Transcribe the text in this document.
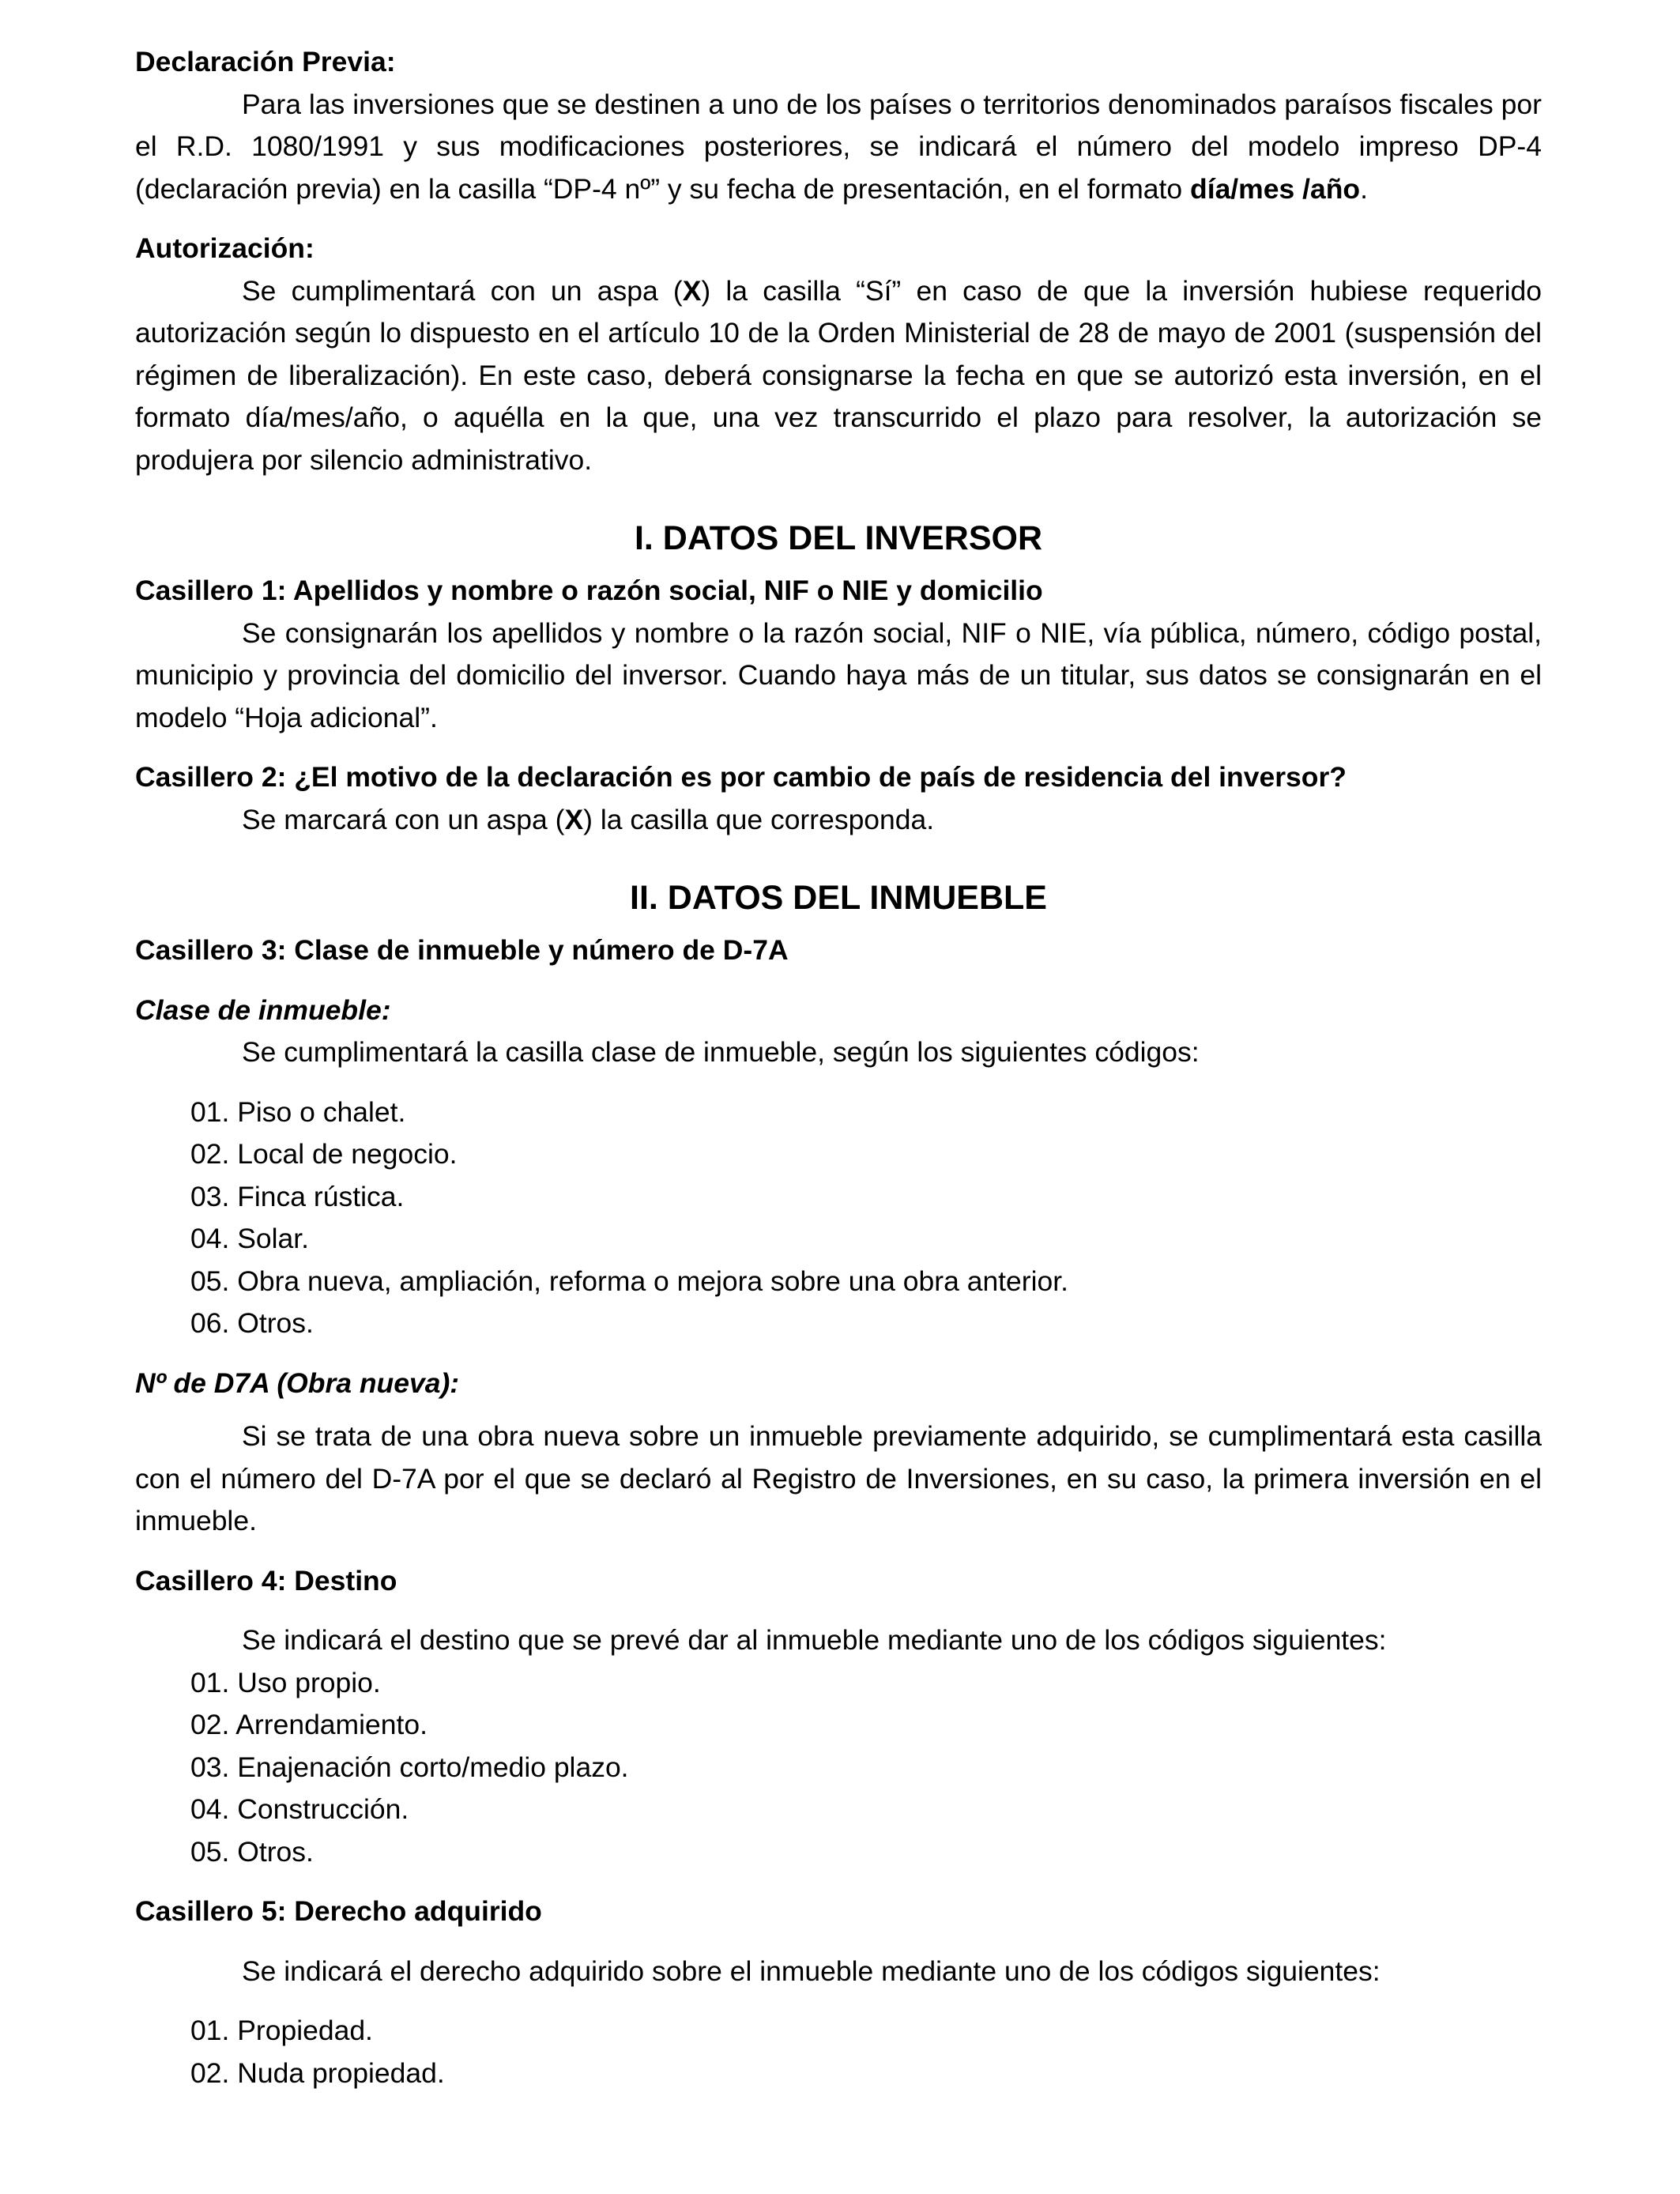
Declaración Previa:

Para las inversiones que se destinen a uno de los países o territorios denominados paraísos fiscales por el R.D. 1080/1991 y sus modificaciones posteriores, se indicará el número del modelo impreso DP-4 (declaración previa) en la casilla “DP-4 nº” y su fecha de presentación, en el formato día/mes /año.

Autorización:

Se cumplimentará con un aspa (X) la casilla “Sí” en caso de que la inversión hubiese requerido autorización según lo dispuesto en el artículo 10 de la Orden Ministerial de 28 de mayo de 2001 (suspensión del régimen de liberalización). En este caso, deberá consignarse la fecha en que se autorizó esta inversión, en el formato día/mes/año, o aquélla en la que, una vez transcurrido el plazo para resolver, la autorización se produjera por silencio administrativo.

I. DATOS DEL INVERSOR
Casillero 1: Apellidos y nombre o razón social, NIF o NIE y domicilio

Se consignarán los apellidos y nombre o la razón social, NIF o NIE, vía pública, número, código postal, municipio y provincia del domicilio del inversor. Cuando haya más de un titular, sus datos se consignarán en el modelo “Hoja adicional”.

Casillero 2: ¿El motivo de la declaración es por cambio de país de residencia del inversor?

Se marcará con un aspa (X) la casilla que corresponda.

II. DATOS DEL INMUEBLE
Casillero 3: Clase de inmueble y número de D-7A
Clase de inmueble:

Se cumplimentará la casilla clase de inmueble, según los siguientes códigos:

01. Piso o chalet.
02. Local de negocio.
03. Finca rústica.
04. Solar.
05. Obra nueva, ampliación, reforma o mejora sobre una obra anterior.
06. Otros.
Nº de D7A (Obra nueva):

Si se trata de una obra nueva sobre un inmueble previamente adquirido, se cumplimentará esta casilla con el número del D-7A por el que se declaró al Registro de Inversiones, en su caso, la primera inversión en el inmueble.

Casillero 4: Destino

Se indicará el destino que se prevé dar al inmueble mediante uno de los códigos siguientes:

01. Uso propio.
02. Arrendamiento.
03. Enajenación corto/medio plazo.
04. Construcción.
05. Otros.
Casillero 5: Derecho adquirido

Se indicará el derecho adquirido sobre el inmueble mediante uno de los códigos siguientes:

01. Propiedad.
02. Nuda propiedad.
